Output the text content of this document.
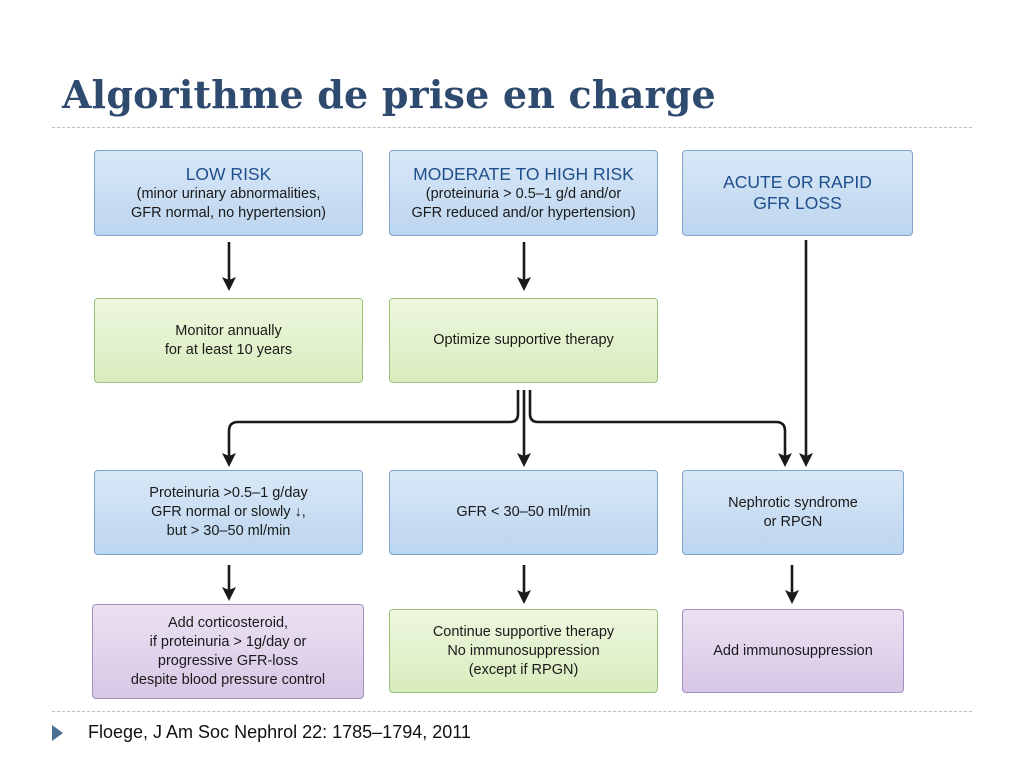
Algorithme de prise en charge
LOW RISK
(minor urinary abnormalities,
GFR normal, no hypertension)
MODERATE TO HIGH RISK
(proteinuria > 0.5–1 g/d and/or
GFR reduced and/or hypertension)
ACUTE OR RAPID
GFR LOSS
Monitor annually
for at least 10 years
Optimize supportive therapy
Proteinuria >0.5–1 g/day
GFR normal or slowly ↓,
but > 30–50 ml/min
GFR < 30–50 ml/min
Nephrotic syndrome
or RPGN
Add corticosteroid,
if proteinuria > 1g/day or
progressive GFR-loss
despite blood pressure control
Continue supportive therapy
No immunosuppression
(except if RPGN)
Add immunosuppression
Floege, J Am Soc Nephrol 22: 1785–1794, 2011
